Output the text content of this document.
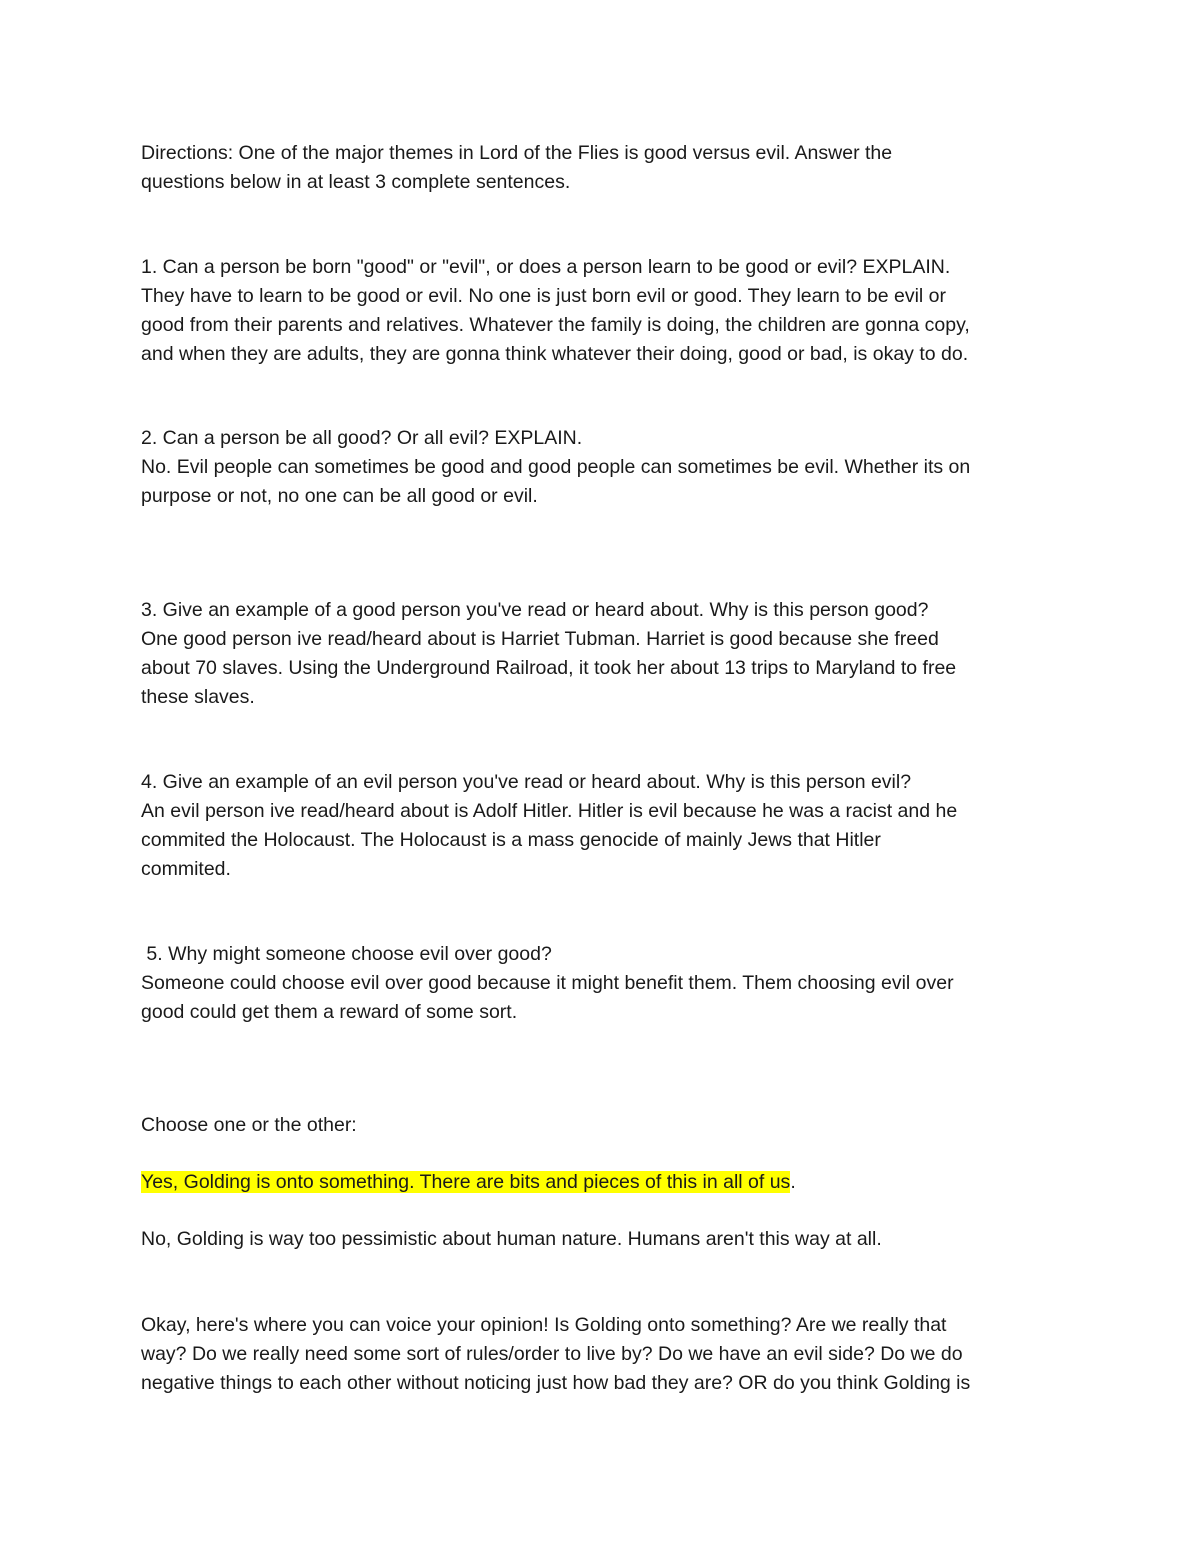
Directions: One of the major themes in Lord of the Flies is good versus evil. Answer the
questions below in at least 3 complete sentences.
1. Can a person be born "good" or "evil", or does a person learn to be good or evil? EXPLAIN.
They have to learn to be good or evil. No one is just born evil or good. They learn to be evil or
good from their parents and relatives. Whatever the family is doing, the children are gonna copy,
and when they are adults, they are gonna think whatever their doing, good or bad, is okay to do.
2. Can a person be all good? Or all evil? EXPLAIN.
No. Evil people can sometimes be good and good people can sometimes be evil. Whether its on
purpose or not, no one can be all good or evil.
3. Give an example of a good person you've read or heard about. Why is this person good?
One good person ive read/heard about is Harriet Tubman. Harriet is good because she freed
about 70 slaves. Using the Underground Railroad, it took her about 13 trips to Maryland to free
these slaves.
4. Give an example of an evil person you've read or heard about. Why is this person evil?
An evil person ive read/heard about is Adolf Hitler. Hitler is evil because he was a racist and he
commited the Holocaust. The Holocaust is a mass genocide of mainly Jews that Hitler
commited.
5. Why might someone choose evil over good?
Someone could choose evil over good because it might benefit them. Them choosing evil over
good could get them a reward of some sort.
Choose one or the other:
Yes, Golding is onto something. There are bits and pieces of this in all of us.
No, Golding is way too pessimistic about human nature. Humans aren't this way at all.
Okay, here's where you can voice your opinion! Is Golding onto something? Are we really that
way? Do we really need some sort of rules/order to live by? Do we have an evil side? Do we do
negative things to each other without noticing just how bad they are? OR do you think Golding is
